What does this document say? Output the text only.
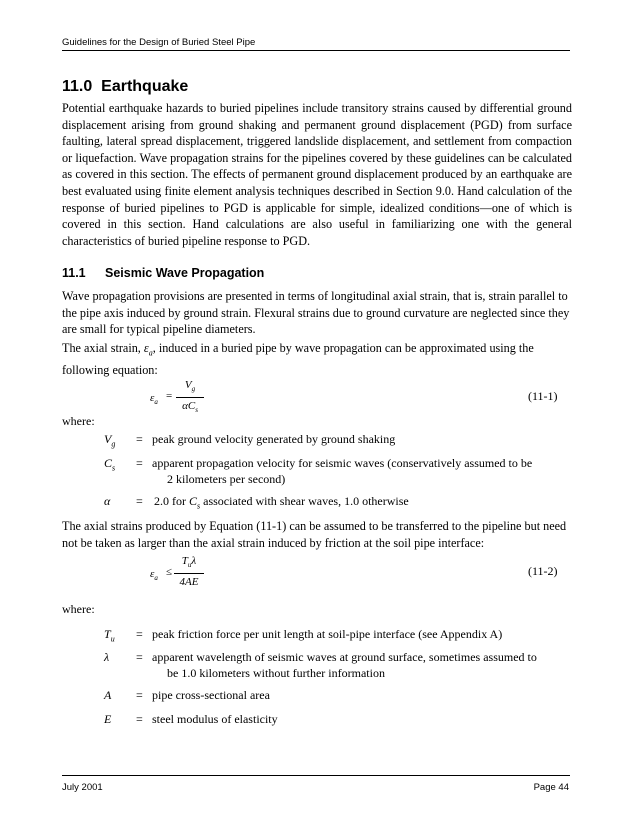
Guidelines for the Design of Buried Steel Pipe
11.0 Earthquake

Potential earthquake hazards to buried pipelines include transitory strains caused by differential ground displacement arising from ground shaking and permanent ground displacement (PGD) from surface faulting, lateral spread displacement, triggered landslide displacement, and settlement from compaction or liquefaction. Wave propagation strains for the pipelines covered by these guidelines can be calculated as covered in this section. The effects of permanent ground displacement produced by an earthquake are best evaluated using finite element analysis techniques described in Section 9.0. Hand calculation of the response of buried pipelines to PGD is applicable for simple, idealized conditions—one of which is covered in this section. Hand calculations are also useful in familiarizing one with the general characteristics of buried pipeline response to PGD.

11.1 Seismic Wave Propagation

Wave propagation provisions are presented in terms of longitudinal axial strain, that is, strain parallel to the pipe axis induced by ground strain. Flexural strains due to ground curvature are neglected since they are small for typical pipeline diameters.

The axial strain, $\varepsilon_a$, induced in a buried pipe by wave propagation can be approximated using the following equation:

$\varepsilon_a$
=
$V_g$
$\alpha C_s$
(11-1)
where:
$V_g$ = peak ground velocity generated by ground shaking
$C_s$ = apparent propagation velocity for seismic waves (conservatively assumed to be
2 kilometers per second)
α = 2.0 for $C_s$ associated with shear waves, 1.0 otherwise

The axial strains produced by Equation (11-1) can be assumed to be transferred to the pipeline but need not be taken as larger than the axial strain induced by friction at the soil pipe interface:

$\varepsilon_a$
≤
$T_u\lambda$
4AE
(11-2)
where:
$T_u$ = peak friction force per unit length at soil-pipe interface (see Appendix A)
λ = apparent wavelength of seismic waves at ground surface, sometimes assumed to
be 1.0 kilometers without further information
A = pipe cross-sectional area
E = steel modulus of elasticity
July 2001	Page 44
